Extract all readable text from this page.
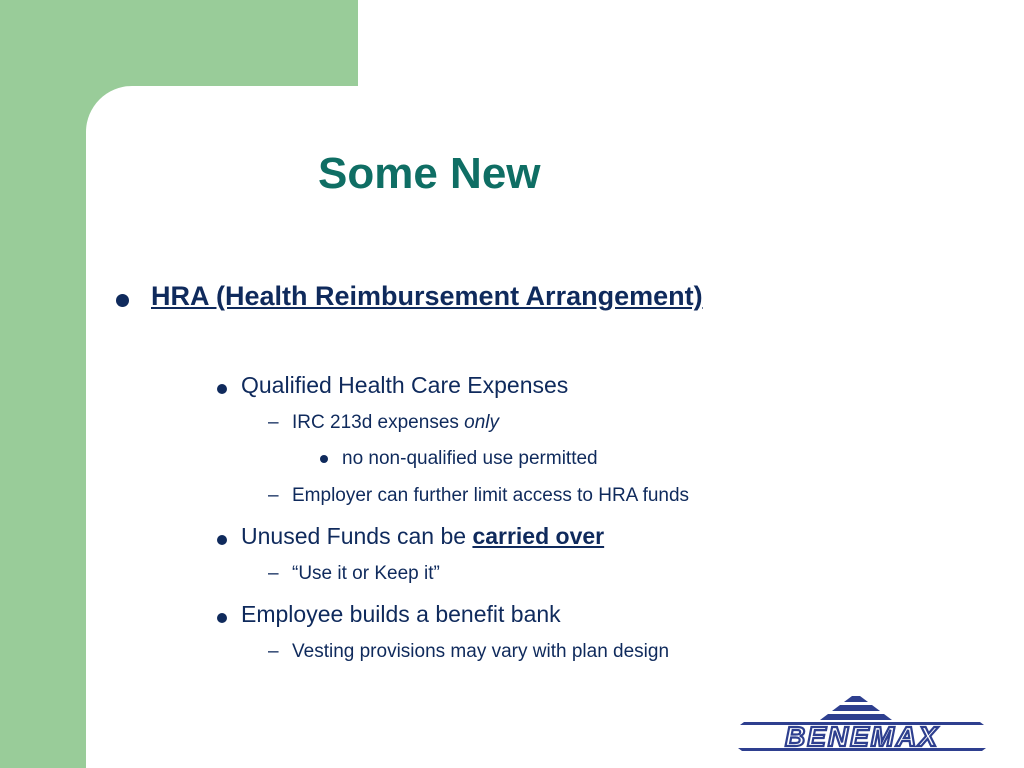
Some New
HRA (Health Reimbursement Arrangement)
Qualified Health Care Expenses
– IRC 213d expenses only
no non-qualified use permitted
– Employer can further limit access to HRA funds
Unused Funds can be carried over
– “Use it or Keep it”
Employee builds a benefit bank
– Vesting provisions may vary with plan design
BENEMAX
